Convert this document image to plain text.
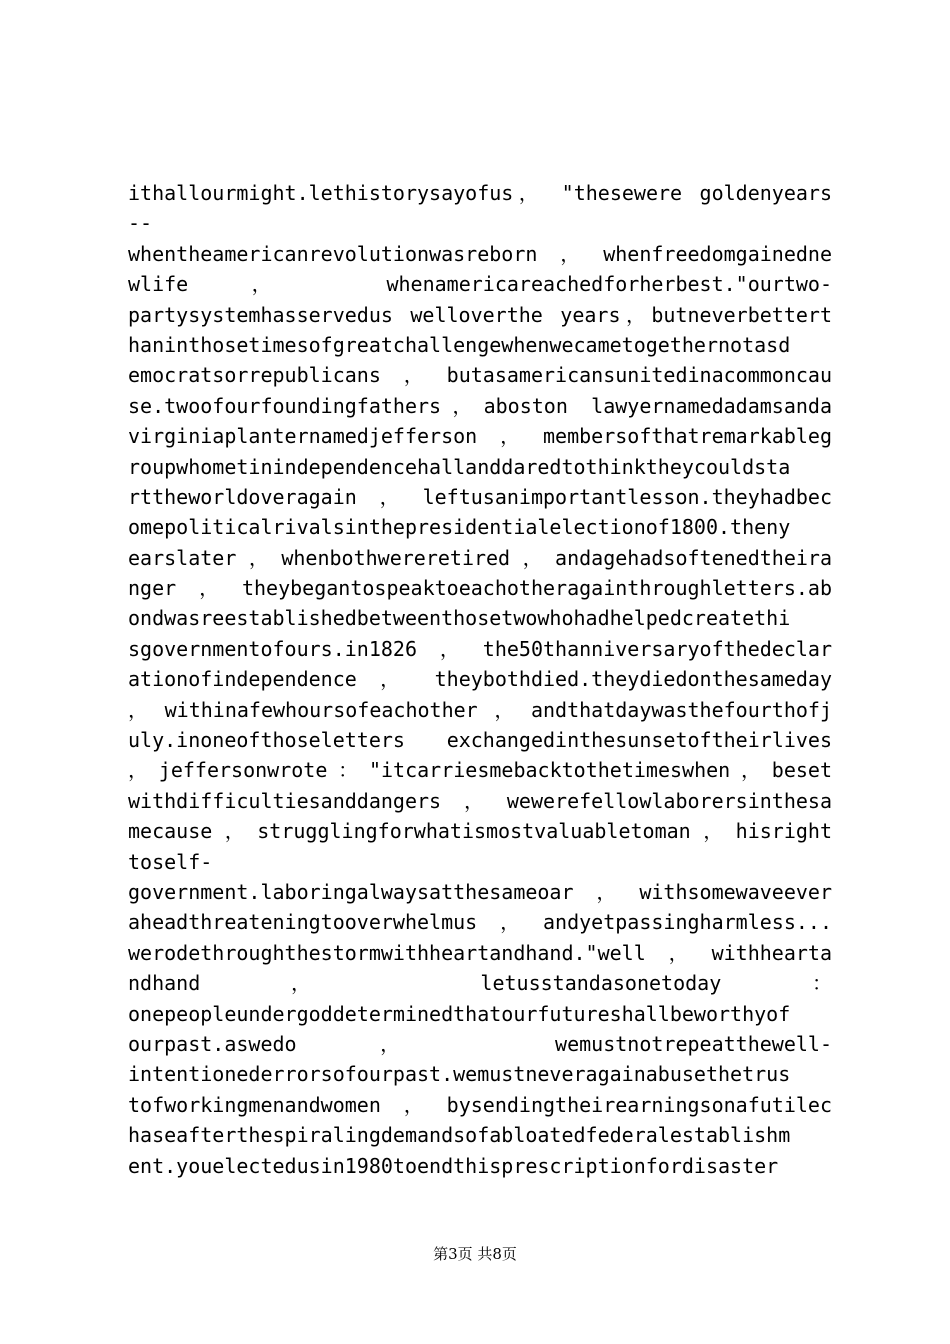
ithallourmight.lethistorysayofus， "thesewere goldenyears
--
whentheamericanrevolutionwasreborn，whenfreedomgainedne
wlife ， whenamericareachedforherbest."ourtwo-
partysystemhasservedus welloverthe years，butneverbettert
haninthosetimesofgreatchallengewhenwecametogethernotasd
emocratsorrepublicans，butasamericansunitedinacommoncau
se.twoofourfoundingfathers，aboston lawyernamedadamsanda
virginiaplanternamedjefferson，membersofthatremarkableg
roupwhometinindependencehallanddaredtothinktheycouldsta
rttheworldoveragain，leftusanimportantlesson.theyhadbec
omepoliticalrivalsinthepresidentialelectionof1800.theny
earslater，whenbothwereretired，andagehadsoftenedtheira
nger，theybegantospeaktoeachotheragainthroughletters.ab
ondwasreestablishedbetweenthosetwowhohadhelpedcreatethi
sgovernmentofours.in1826，the50thanniversaryofthedeclar
ationofindependence ， theybothdied.theydiedonthesameday
，withinafewhoursofeachother，andthatdaywasthefourthofj
uly.inoneofthoseletters exchangedinthesunsetoftheirlives
，jeffersonwrote："itcarriesmebacktothetimeswhen，beset
withdifficultiesanddangers，wewerefellowlaborersinthesa
mecause，strugglingforwhatismostvaluabletoman，hisright
toself-
government.laboringalwaysatthesameoar，withsomewaveever
aheadthreateningtooverwhelmus，andyetpassingharmless...
werodethroughthestormwithheartandhand."well，withhearta
ndhand ， letusstandasonetoday ：
onepeopleundergoddeterminedthatourfutureshallbeworthyof
ourpast.aswedo ， wemustnotrepeatthewell-
intentionederrorsofourpast.wemustneveragainabusethetrus
tofworkingmenandwomen，bysendingtheirearningsonafutilec
haseafterthespiralingdemandsofabloatedfederalestablishm
ent.youelectedusin1980toendthisprescriptionfordisaster
第3页 共8页
